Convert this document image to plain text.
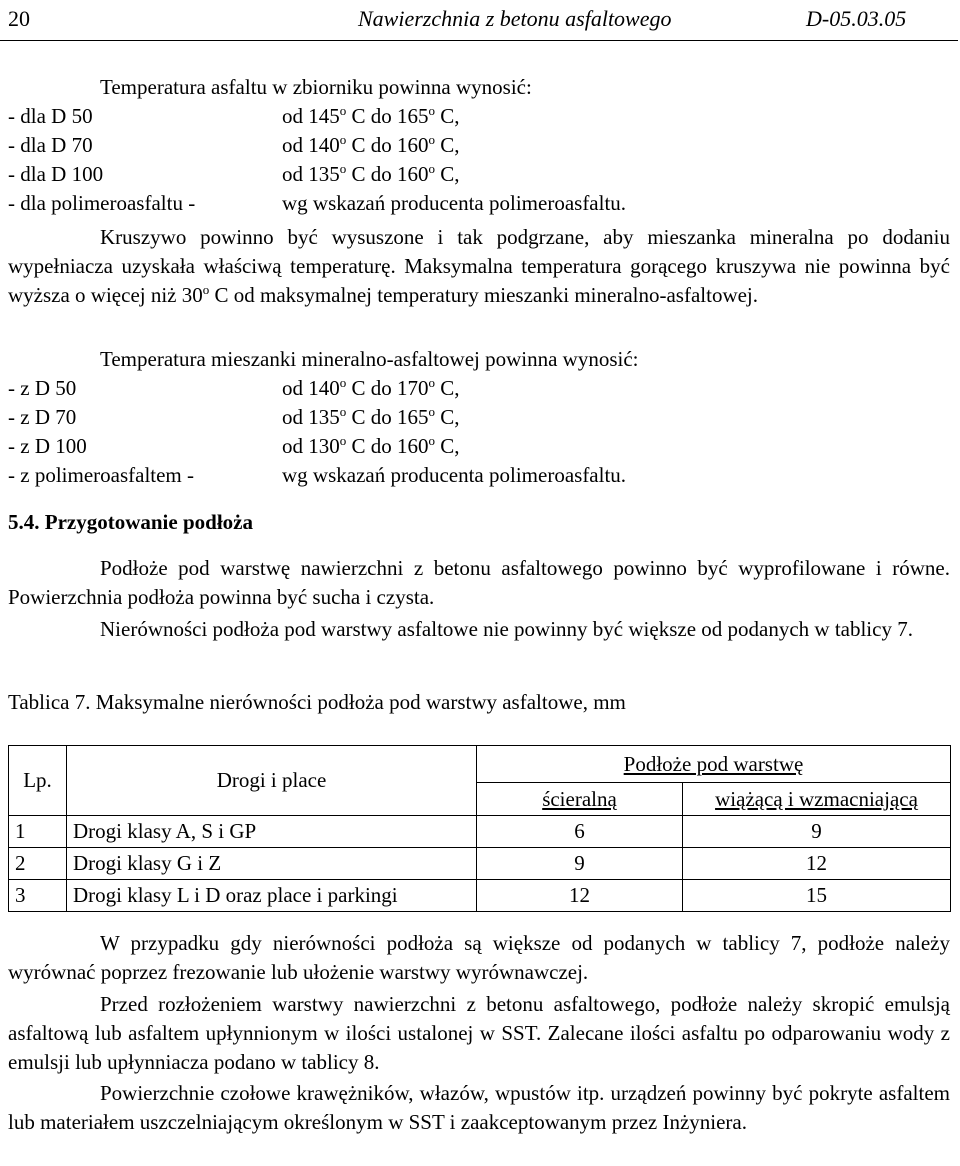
20	Nawierzchnia z betonu asfaltowego	D-05.03.05
Temperatura asfaltu w zbiorniku powinna wynosić:
- dla D 50	od 145$^o$ C do 165$^o$ C,
- dla D 70	od 140$^o$ C do 160$^o$ C,
- dla D 100	od 135$^o$ C do 160$^o$ C,
- dla polimeroasfaltu -	wg wskazań producenta polimeroasfaltu.
Kruszywo powinno być wysuszone i tak podgrzane, aby mieszanka mineralna po dodaniu wypełniacza uzyskała właściwą temperaturę. Maksymalna temperatura gorącego kruszywa nie powinna być wyższa o więcej niż 30$^o$ C od maksymalnej temperatury mieszanki mineralno-asfaltowej.
Temperatura mieszanki mineralno-asfaltowej powinna wynosić:
- z D 50	od 140$^o$ C do 170$^o$ C,
- z D 70	od 135$^o$ C do 165$^o$ C,
- z D 100	od 130$^o$ C do 160$^o$ C,
- z polimeroasfaltem -	wg wskazań producenta polimeroasfaltu.
5.4. Przygotowanie podłoża
Podłoże pod warstwę nawierzchni z betonu asfaltowego powinno być wyprofilowane i równe. Powierzchnia podłoża powinna być sucha i czysta.
Nierówności podłoża pod warstwy asfaltowe nie powinny być większe od podanych w tablicy 7.
Tablica 7. Maksymalne nierówności podłoża pod warstwy asfaltowe, mm
Lp.	Drogi i place	Podłoże pod warstwę	
		ścieralną	wiążącą i wzmacniającą
1	Drogi klasy A, S i GP	6	9
2	Drogi klasy G i Z	9	12
3	Drogi klasy L i D oraz place i parkingi	12	15
W przypadku gdy nierówności podłoża są większe od podanych w tablicy 7, podłoże należy wyrównać poprzez frezowanie lub ułożenie warstwy wyrównawczej.
Przed rozłożeniem warstwy nawierzchni z betonu asfaltowego, podłoże należy skropić emulsją asfaltową lub asfaltem upłynnionym w ilości ustalonej w SST. Zalecane ilości asfaltu po odparowaniu wody z emulsji lub upłynniacza podano w tablicy 8.
Powierzchnie czołowe krawężników, włazów, wpustów itp. urządzeń powinny być pokryte asfaltem lub materiałem uszczelniającym określonym w SST i zaakceptowanym przez Inżyniera.
